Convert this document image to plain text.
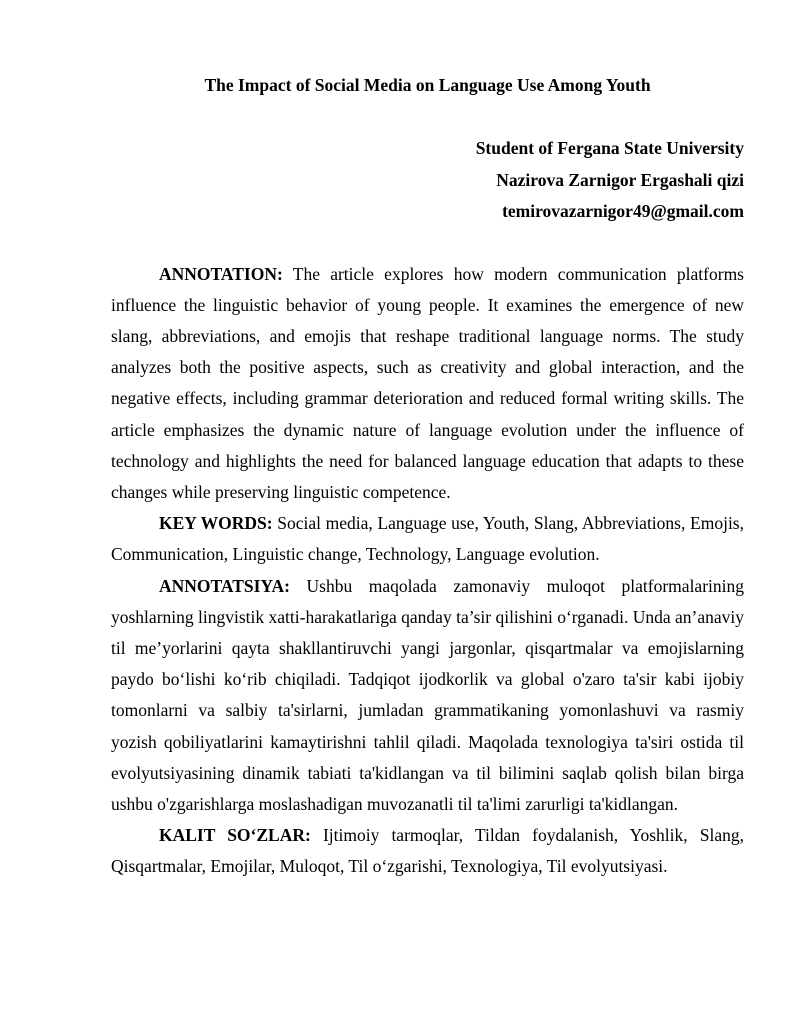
The Impact of Social Media on Language Use Among Youth
Student of Fergana State University
Nazirova Zarnigor Ergashali qizi
temirovazarnigor49@gmail.com

ANNOTATION: The article explores how modern communication platforms influence the linguistic behavior of young people. It examines the emergence of new slang, abbreviations, and emojis that reshape traditional language norms. The study analyzes both the positive aspects, such as creativity and global interaction, and the negative effects, including grammar deterioration and reduced formal writing skills. The article emphasizes the dynamic nature of language evolution under the influence of technology and highlights the need for balanced language education that adapts to these changes while preserving linguistic competence.

KEY WORDS: Social media, Language use, Youth, Slang, Abbreviations, Emojis, Communication, Linguistic change, Technology, Language evolution.

ANNOTATSIYA: Ushbu maqolada zamonaviy muloqot platformalarining yoshlarning lingvistik xatti-harakatlariga qanday ta’sir qilishini o‘rganadi. Unda an’anaviy til me’yorlarini qayta shakllantiruvchi yangi jargonlar, qisqartmalar va emojislarning paydo bo‘lishi ko‘rib chiqiladi. Tadqiqot ijodkorlik va global o'zaro ta'sir kabi ijobiy tomonlarni va salbiy ta'sirlarni, jumladan grammatikaning yomonlashuvi va rasmiy yozish qobiliyatlarini kamaytirishni tahlil qiladi. Maqolada texnologiya ta'siri ostida til evolyutsiyasining dinamik tabiati ta'kidlangan va til bilimini saqlab qolish bilan birga ushbu o'zgarishlarga moslashadigan muvozanatli til ta'limi zarurligi ta'kidlangan.

KALIT SO‘ZLAR: Ijtimoiy tarmoqlar, Tildan foydalanish, Yoshlik, Slang, Qisqartmalar, Emojilar, Muloqot, Til o‘zgarishi, Texnologiya, Til evolyutsiyasi.
